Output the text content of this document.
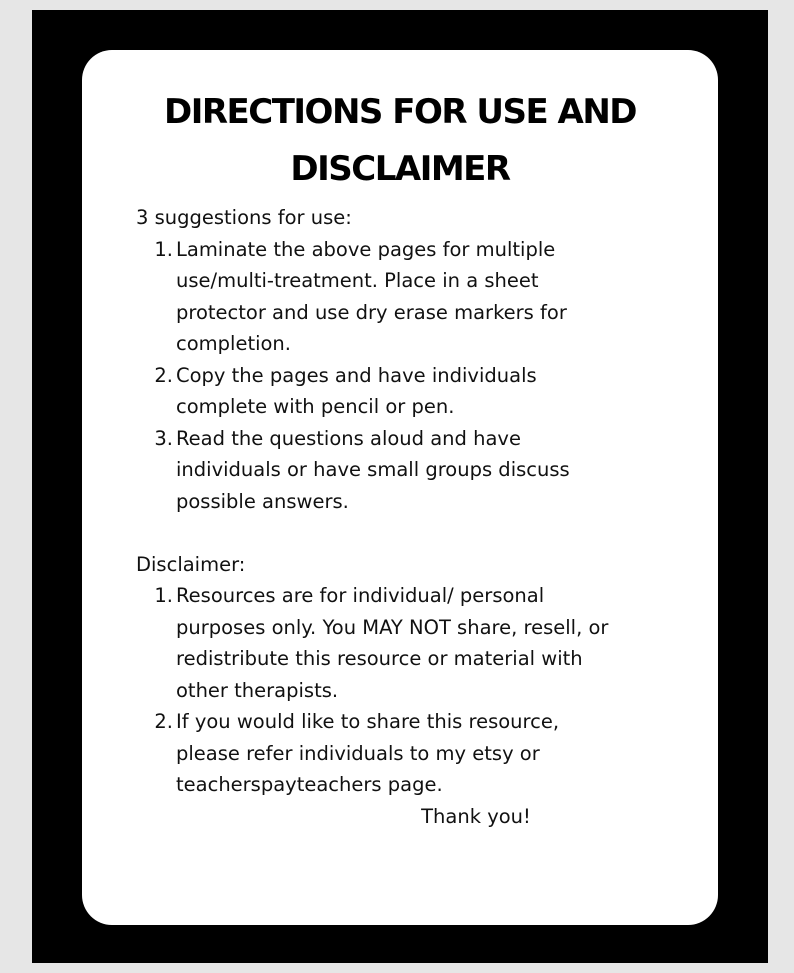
DIRECTIONS FOR USE AND
DISCLAIMER

3 suggestions for use:

1. Laminate the above pages for multiple
use/multi-treatment. Place in a sheet
protector and use dry erase markers for
completion.
2. Copy the pages and have individuals
complete with pencil or pen.
3. Read the questions aloud and have
individuals or have small groups discuss
possible answers.

Disclaimer:

1. Resources are for individual/ personal
purposes only. You MAY NOT share, resell, or
redistribute this resource or material with
other therapists.
2. If you would like to share this resource,
please refer individuals to my etsy or
teacherspayteachers page.

Thank you!
